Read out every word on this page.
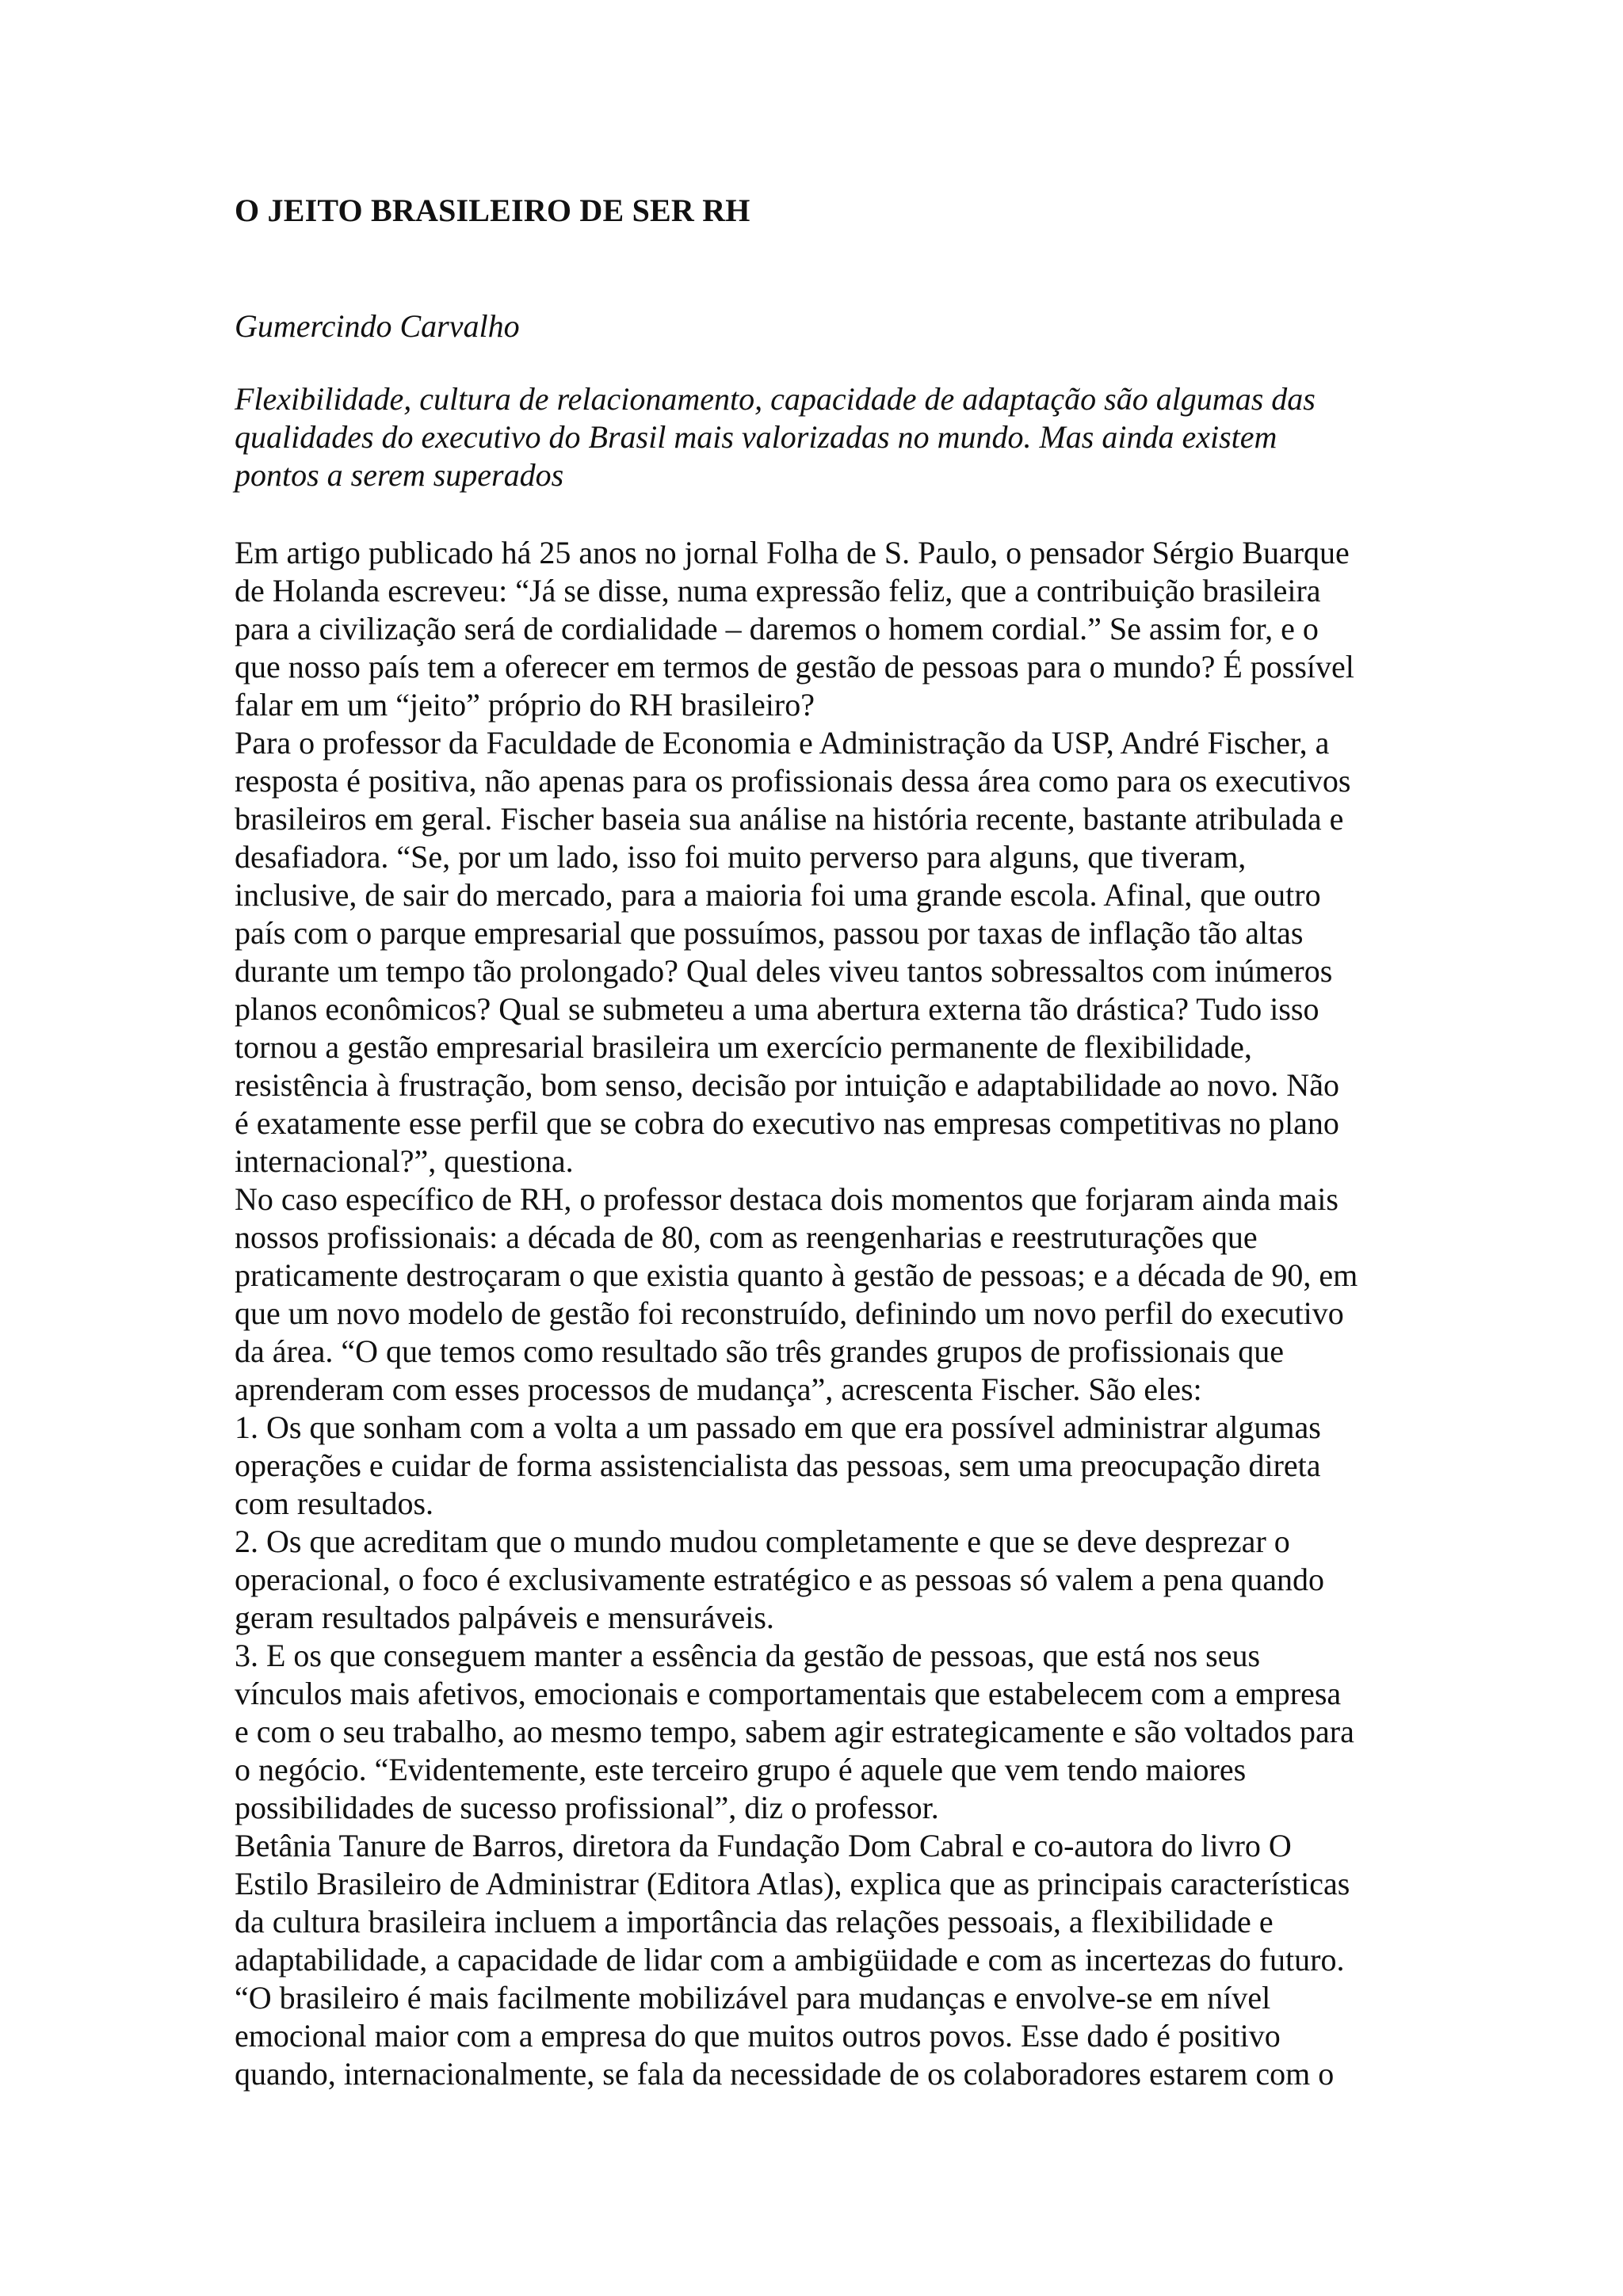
O JEITO BRASILEIRO DE SER RH
Gumercindo Carvalho
Flexibilidade, cultura de relacionamento, capacidade de adaptação são algumas das
qualidades do executivo do Brasil mais valorizadas no mundo. Mas ainda existem
pontos a serem superados

Em artigo publicado há 25 anos no jornal Folha de S. Paulo, o pensador Sérgio Buarque
de Holanda escreveu: “Já se disse, numa expressão feliz, que a contribuição brasileira
para a civilização será de cordialidade – daremos o homem cordial.” Se assim for, e o
que nosso país tem a oferecer em termos de gestão de pessoas para o mundo? É possível
falar em um “jeito” próprio do RH brasileiro?

Para o professor da Faculdade de Economia e Administração da USP, André Fischer, a
resposta é positiva, não apenas para os profissionais dessa área como para os executivos
brasileiros em geral. Fischer baseia sua análise na história recente, bastante atribulada e
desafiadora. “Se, por um lado, isso foi muito perverso para alguns, que tiveram,
inclusive, de sair do mercado, para a maioria foi uma grande escola. Afinal, que outro
país com o parque empresarial que possuímos, passou por taxas de inflação tão altas
durante um tempo tão prolongado? Qual deles viveu tantos sobressaltos com inúmeros
planos econômicos? Qual se submeteu a uma abertura externa tão drástica? Tudo isso
tornou a gestão empresarial brasileira um exercício permanente de flexibilidade,
resistência à frustração, bom senso, decisão por intuição e adaptabilidade ao novo. Não
é exatamente esse perfil que se cobra do executivo nas empresas competitivas no plano
internacional?”, questiona.

No caso específico de RH, o professor destaca dois momentos que forjaram ainda mais
nossos profissionais: a década de 80, com as reengenharias e reestruturações que
praticamente destroçaram o que existia quanto à gestão de pessoas; e a década de 90, em
que um novo modelo de gestão foi reconstruído, definindo um novo perfil do executivo
da área. “O que temos como resultado são três grandes grupos de profissionais que
aprenderam com esses processos de mudança”, acrescenta Fischer. São eles:

1. Os que sonham com a volta a um passado em que era possível administrar algumas
operações e cuidar de forma assistencialista das pessoas, sem uma preocupação direta
com resultados.

2. Os que acreditam que o mundo mudou completamente e que se deve desprezar o
operacional, o foco é exclusivamente estratégico e as pessoas só valem a pena quando
geram resultados palpáveis e mensuráveis.

3. E os que conseguem manter a essência da gestão de pessoas, que está nos seus
vínculos mais afetivos, emocionais e comportamentais que estabelecem com a empresa
e com o seu trabalho, ao mesmo tempo, sabem agir estrategicamente e são voltados para
o negócio. “Evidentemente, este terceiro grupo é aquele que vem tendo maiores
possibilidades de sucesso profissional”, diz o professor.

Betânia Tanure de Barros, diretora da Fundação Dom Cabral e co-autora do livro O
Estilo Brasileiro de Administrar (Editora Atlas), explica que as principais características
da cultura brasileira incluem a importância das relações pessoais, a flexibilidade e
adaptabilidade, a capacidade de lidar com a ambigüidade e com as incertezas do futuro.
“O brasileiro é mais facilmente mobilizável para mudanças e envolve-se em nível
emocional maior com a empresa do que muitos outros povos. Esse dado é positivo
quando, internacionalmente, se fala da necessidade de os colaboradores estarem com o
